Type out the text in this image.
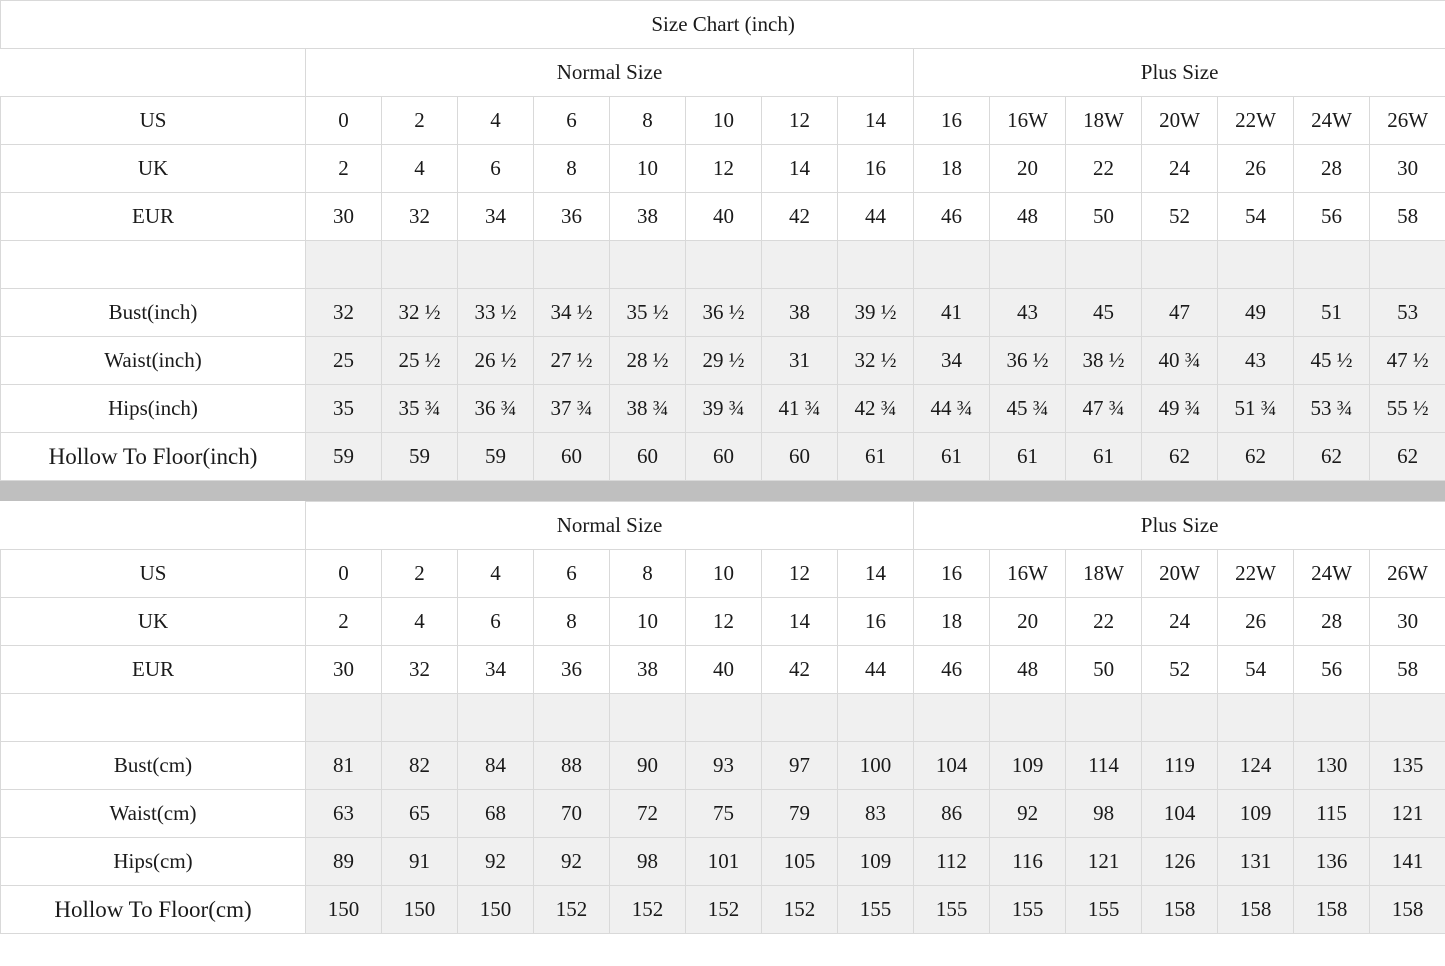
Size Chart (inch)															
	Normal Size								Plus Size						
US	0	2	4	6	8	10	12	14	16	16W	18W	20W	22W	24W	26W
UK	2	4	6	8	10	12	14	16	18	20	22	24	26	28	30
EUR	30	32	34	36	38	40	42	44	46	48	50	52	54	56	58

Bust(inch)	32	32 ½	33 ½	34 ½	35 ½	36 ½	38	39 ½	41	43	45	47	49	51	53
Waist(inch)	25	25 ½	26 ½	27 ½	28 ½	29 ½	31	32 ½	34	36 ½	38 ½	40 ¾	43	45 ½	47 ½
Hips(inch)	35	35 ¾	36 ¾	37 ¾	38 ¾	39 ¾	41 ¾	42 ¾	44 ¾	45 ¾	47 ¾	49 ¾	51 ¾	53 ¾	55 ½
Hollow To Floor(inch)	59	59	59	60	60	60	60	61	61	61	61	62	62	62	62
	Normal Size								Plus Size						
US	0	2	4	6	8	10	12	14	16	16W	18W	20W	22W	24W	26W
UK	2	4	6	8	10	12	14	16	18	20	22	24	26	28	30
EUR	30	32	34	36	38	40	42	44	46	48	50	52	54	56	58

Bust(cm)	81	82	84	88	90	93	97	100	104	109	114	119	124	130	135
Waist(cm)	63	65	68	70	72	75	79	83	86	92	98	104	109	115	121
Hips(cm)	89	91	92	92	98	101	105	109	112	116	121	126	131	136	141
Hollow To Floor(cm)	150	150	150	152	152	152	152	155	155	155	155	158	158	158	158
